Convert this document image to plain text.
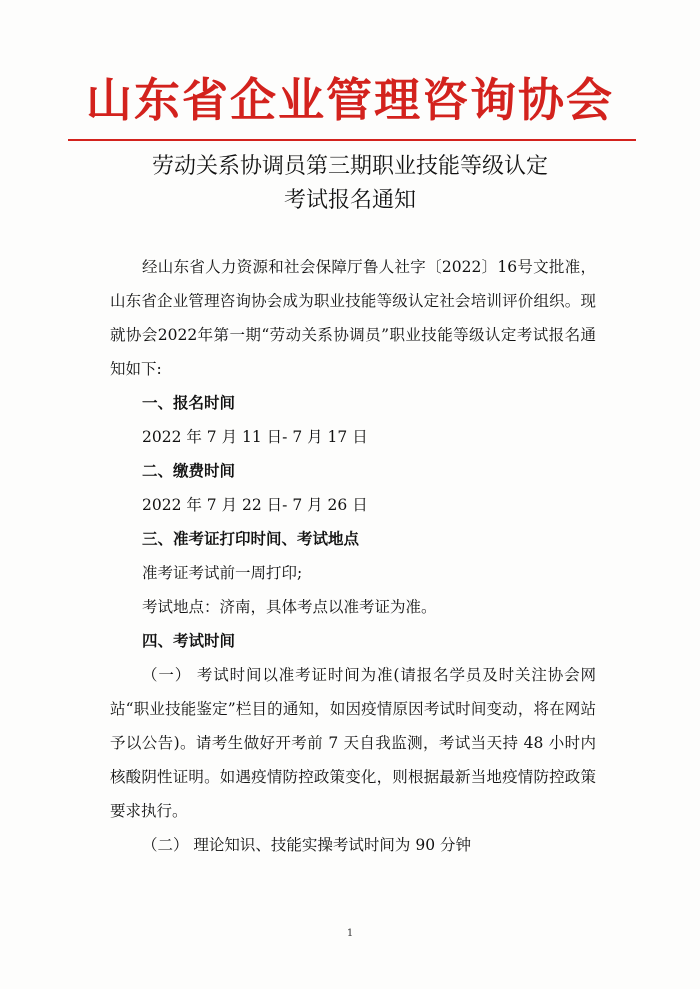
山东省企业管理咨询协会
劳动关系协调员第三期职业技能等级认定
考试报名通知

经山东省人力资源和社会保障厅鲁人社字〔2022〕16号文批准，山东省企业管理咨询协会成为职业技能等级认定社会培训评价组织。现就协会2022年第一期“劳动关系协调员”职业技能等级认定考试报名通知如下:

一、报名时间

2022 年 7 月 11 日- 7 月 17 日

二、缴费时间

2022 年 7 月 22 日- 7 月 26 日

三、准考证打印时间、考试地点

准考证考试前一周打印;

考试地点：济南，具体考点以准考证为准。

四、考试时间

（一） 考试时间以准考证时间为准(请报名学员及时关注协会网站“职业技能鉴定”栏目的通知，如因疫情原因考试时间变动，将在网站予以公告)。请考生做好开考前 7 天自我监测，考试当天持 48 小时内核酸阴性证明。如遇疫情防控政策变化，则根据最新当地疫情防控政策要求执行。

（二） 理论知识、技能实操考试时间为 90 分钟

1
